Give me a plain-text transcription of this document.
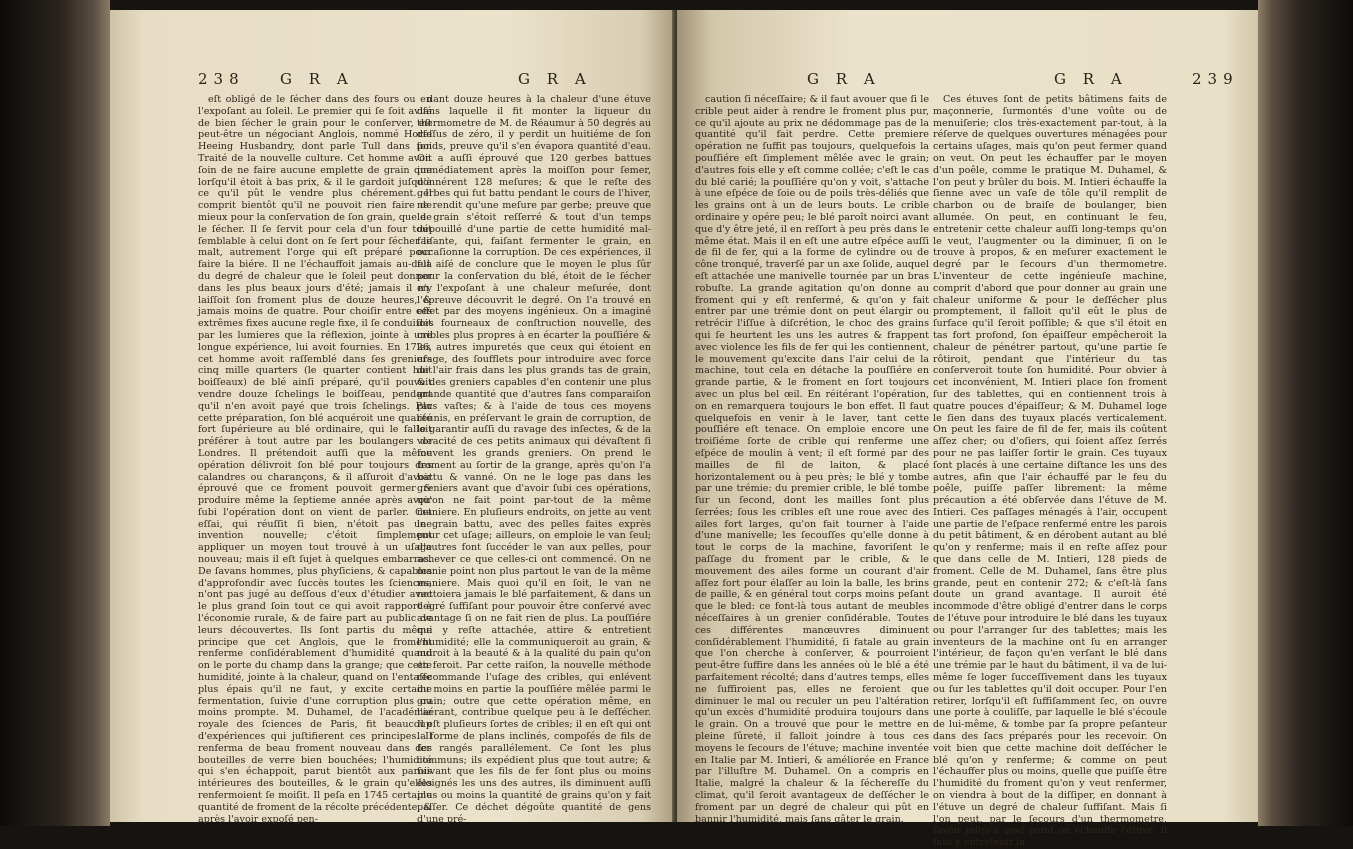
238 G R A	G R A

eſt obligé de le ſécher dans des fours ou en l'expoſant au ſoleil. Le premier qui ſe ſoit aviſé de bien ſécher le grain pour le conſerver, eſt peut-être un négociant Anglois, nommé Horſe Heeing Husbandry, dont parle Tull dans ſon Traité de la nouvelle culture. Cet homme avoit ſoin de ne faire aucune emplette de grain que lorſqu'il étoit à bas prix, & il le gardoit juſqu'à ce qu'il pût le vendre plus chérement. Il comprit bientôt qu'il ne pouvoit rien faire de mieux pour la conſervation de ſon grain, que de le ſécher. Il ſe ſervit pour cela d'un four tout ſemblable à celui dont on ſe ſert pour ſécher le malt, autrement l'orge qui eſt préparé pour faire la biére. Il ne l'échauffoit jamais au-delà du degré de chaleur que le ſoleil peut donner dans les plus beaux jours d'été; jamais il n'y laiſſoit ſon froment plus de douze heures, & jamais moins de quatre. Pour choiſir entre ces extrêmes fixes aucune regle fixe, il ſe conduiſoit par les lumieres que la réflexion, jointe à une longue expérience, lui avoit fournies. En 1726, cet homme avoit raſſemblé dans ſes greniers cinq mille quarters (le quarter contient huit boiſſeaux) de blé ainſi préparé, qu'il pouvoit vendre douze ſchelings le boiſſeau, pendant qu'il n'en avoit payé que trois ſchelings. Par cette préparation, ſon blé acquéroit une qualité fort ſupérieure au blé ordinaire, qui le falloit préférer à tout autre par les boulangers de Londres. Il prétendoit auſſi que la même opération délivroit ſon blé pour toujours des calandres ou charançons, & il aſſuroit d'avoir éprouvé que ce froment pouvoit germer & produire même la ſeptieme année après avoir ſubi l'opération dont on vient de parler. Cet eſſai, qui réuſſit ſi bien, n'étoit pas une invention nouvelle; c'étoit ſimplement appliquer un moyen tout trouvé à un uſage nouveau; mais il eſt ſujet à quelques embarras. De ſavans hommes, plus phyſiciens, & capables d'approfondir avec ſuccès toutes les ſciences, n'ont pas jugé au deſſous d'eux d'étudier avec le plus grand ſoin tout ce qui avoit rapport à l'économie rurale, & de faire part au public de leurs découvertes. Ils ſont partis du même principe que cet Anglois, que le froment renferme conſidérablement d'humidité quand on le porte du champ dans la grange; que cette humidité, jointe à la chaleur, quand on l'entaſſe plus épais qu'il ne faut, y excite certaine fermentation, ſuivie d'une corruption plus ou moins prompte. M. Duhamel, de l'académie royale des ſciences de Paris, fit beaucoup d'expériences qui juſtifierent ces principes. Il renferma de beau froment nouveau dans des bouteilles de verre bien bouchées; l'humidité qui s'en échappoit, parut bientôt aux parois intérieures des bouteilles, & le grain qu'elles renfermoient ſe moiſit. Il peſa en 1745 certaine quantité de froment de la récolte précédente, & après l'avoir expoſé pen-

dant douze heures à la chaleur d'une étuve dans laquelle il fit monter la liqueur du thermometre de M. de Réaumur à 50 degrés au deſſus de zéro, il y perdit un huitiéme de ſon poids, preuve qu'il s'en évapora quantité d'eau. On a auſſi éprouvé que 120 gerbes battues immédiatement après la moiſſon pour ſemer, donnérent 128 meſures; & que le reſte des gerbes qui fut battu pendant le cours de l'hiver, ne rendit qu'une meſure par gerbe; preuve que le grain s'étoit reſſerré & tout d'un temps dépouillé d'une partie de cette humidité mal-faiſante, qui, faiſant fermenter le grain, en occaſionne la corruption. De ces expériences, il fut aiſé de conclure que le moyen le plus ſûr pour la conſervation du blé, étoit de le ſécher en l'expoſant à une chaleur meſurée, dont l'épreuve découvrit le degré. On l'a trouvé en effet par des moyens ingénieux. On a imaginé des fourneaux de conſtruction nouvelle, des cribles plus propres à en écarter la pouſſiére & les autres impuretés que ceux qui étoient en uſage, des ſoufflets pour introduire avec force de l'air frais dans les plus grands tas de grain, & des greniers capables d'en contenir une plus grande quantité que d'autres ſans comparaiſon plus vaſtes; & à l'aide de tous ces moyens réunis, en préſervant le grain de corruption, de le garantir auſſi du ravage des inſectes, & de la voracité de ces petits animaux qui dévaſtent ſi ſouvent les grands greniers. On prend le froment au ſortir de la grange, après qu'on l'a battu & vanné. On ne le loge pas dans les greniers avant que d'avoir ſubi ces opérations, qu'on ne fait point par-tout de la même maniere. En pluſieurs endroits, on jette au vent le grain battu, avec des pelles faites exprès pour cet uſage; ailleurs, on emploie le van ſeul; d'autres font ſuccéder le van aux pelles, pour achever ce que celles-ci ont commencé. On ne manie point non plus partout le van de la même maniere. Mais quoi qu'il en ſoit, le van ne nettoiera jamais le blé parfaitement, & dans un degré ſuffiſant pour pouvoir être conſervé avec avantage ſi on ne fait rien de plus. La pouſſiére qui y reſte attachée, attire & entretient l'humidité; elle la communiqueroit au grain, & nuiroit à la beauté & à la qualité du pain qu'on en feroit. Par cette raiſon, la nouvelle méthode recommande l'uſage des cribles, qui enlévent du moins en partie la pouſſiére mêlée parmi le grain; outre que cette opération même, en l'aérant, contribue quelque peu à le deſſécher. Il eſt pluſieurs ſortes de cribles; il en eſt qui ont la forme de plans inclinés, compoſés de fils de fer rangés parallélement. Ce ſont les plus communs; ils expédient plus que tout autre; & ſuivant que les fils de fer ſont plus ou moins éloignés les uns des autres, ils diminuent auſſi plus ou moins la quantité de grains qu'on y fait paſſer. Ce déchet dégoûte quantité de gens d'une pré-

G R A	G R A	239

caution ſi néceſſaire; & il faut avouer que ſi le crible peut aider à rendre le froment plus pur, ce qu'il ajoute au prix ne dédommage pas de la quantité qu'il fait perdre. Cette premiere opération ne ſuffit pas toujours, quelquefois la pouſſiére eſt ſimplement mêlée avec le grain; d'autres fois elle y eſt comme collée; c'eſt le cas du blé carié; la pouſſiére qu'on y voit, s'attache à une eſpéce de ſoie ou de poils très-déliés que les grains ont à un de leurs bouts. Le crible ordinaire y opére peu; le blé paroît noirci avant que d'y être jeté, il en reſſort à peu près dans le même état. Mais il en eſt une autre eſpéce auſſi de fil de fer, qui a la forme de cylindre ou de cône tronqué, traverſé par un axe ſolide, auquel eſt attachée une manivelle tournée par un bras robuſte. La grande agitation qu'on donne au froment qui y eſt renfermé, & qu'on y fait entrer par une trémie dont on peut élargir ou retrécir l'iſſue à diſcrétion, le choc des grains qui ſe heurtent les uns les autres & frappent avec violence les fils de fer qui les contiennent, le mouvement qu'excite dans l'air celui de la machine, tout cela en détache la pouſſiére en grande partie, & le froment en ſort toujours avec un plus bel œil. En réitérant l'opération, on en remarquera toujours le bon effet. Il faut quelquefois en venir à le laver, tant cette pouſſiére eſt tenace. On emploie encore une troiſiéme ſorte de crible qui renferme une eſpéce de moulin à vent; il eſt formé par des mailles de fil de laiton, & placé horizontalement ou à peu près; le blé y tombe par une trémie: du premier crible, le blé tombe ſur un ſecond, dont les mailles ſont plus ſerrées; ſous les cribles eſt une roue avec des ailes fort larges, qu'on fait tourner à l'aide d'une manivelle; les ſecouſſes qu'elle donne à tout le corps de la machine, favoriſent le paſſage du froment par le crible, & le mouvement des ailes forme un courant d'air aſſez fort pour élaſſer au loin la balle, les brins de paille, & en général tout corps moins peſant que le bled: ce font-là tous autant de meubles néceſſaires à un grenier conſidérable. Toutes ces différentes manœuvres diminuent conſidérablement l'humidité, ſi fatale au grain que l'on cherche à conſerver, & pourroient peut-être ſuffire dans les années où le blé a été parfaitement récolté; dans d'autres temps, elles ne ſuffiroient pas, elles ne feroient que diminuer le mal ou reculer un peu l'altération qu'un excès d'humidité produira toujours dans le grain. On a trouvé que pour le mettre en pleine ſûreté, il falloit joindre à tous ces moyens le ſecours de l'étuve; machine inventée en Italie par M. Intieri, & améliorée en France par l'illuſtre M. Duhamel. On a compris en Italie, malgré la chaleur & la ſéchereſſe du climat, qu'il ſeroit avantageux de deſſécher le froment par un degré de chaleur qui pût en bannir l'humidité, mais ſans gâter le grain.

Ces étuves ſont de petits bâtimens faits de maçonnerie, ſurmontés d'une voûte ou de menuiſerie; clos très-exactement par-tout, à la réſerve de quelques ouvertures ménagées pour certains uſages, mais qu'on peut fermer quand on veut. On peut les échauffer par le moyen d'un poêle, comme le pratique M. Duhamel, & l'on peut y brûler du bois. M. Intieri échauffe la ſienne avec un vaſe de tôle qu'il remplit de charbon ou de braiſe de boulanger, bien allumée. On peut, en continuant le feu, entretenir cette chaleur auſſi long-temps qu'on le veut, l'augmenter ou la diminuer, ſi on le trouve à propos, & en meſurer exactement le degré par le ſecours d'un thermometre. L'inventeur de cette ingénieuſe machine, comprit d'abord que pour donner au grain une chaleur uniforme & pour le deſſécher plus promptement, il falloit qu'il eût le plus de ſurface qu'il ſeroit poſſible; & que s'il étoit en tas fort profond, ſon épaiſſeur empêcheroit la chaleur de pénétrer partout, qu'une partie ſe rôtiroit, pendant que l'intérieur du tas conſerveroit toute ſon humidité. Pour obvier à cet inconvénient, M. Intieri place ſon froment ſur des tablettes, qui en contiennent trois à quatre pouces d'épaiſſeur; & M. Duhamel loge le ſien dans des tuyaux placés verticalement. On peut les faire de fil de fer, mais ils coûtent aſſez cher; ou d'oſiers, qui ſoient aſſez ſerrés pour ne pas laiſſer ſortir le grain. Ces tuyaux ſont placés à une certaine diſtance les uns des autres, afin que l'air échauffé par le feu du poêle, puiſſe paſſer librement: la même précaution a été obſervée dans l'étuve de M. Intieri. Ces paſſages ménagés à l'air, occupent une partie de l'eſpace renfermé entre les parois du petit bâtiment, & en dérobent autant au blé qu'on y renferme; mais il en reſte aſſez pour que dans celle de M. Intieri, 128 pieds de froment. Celle de M. Duhamel, ſans être plus grande, peut en contenir 272; & c'eſt-là ſans doute un grand avantage. Il auroit été incommode d'être obligé d'entrer dans le corps de l'étuve pour introduire le blé dans les tuyaux ou pour l'arranger ſur des tablettes; mais les inventeurs de la machine ont ſu en arranger l'intérieur, de façon qu'en verſant le blé dans une trémie par le haut du bâtiment, il va de lui-même ſe loger ſucceſſivement dans les tuyaux ou ſur les tablettes qu'il doit occuper. Pour l'en retirer, lorſqu'il eſt ſuffiſamment ſec, on ouvre une porte à couliſſe, par laquelle le blé s'écoule de lui-même, & tombe par ſa propre peſanteur dans des ſacs préparés pour les recevoir. On voit bien que cette machine doit deſſécher le blé qu'on y renferme; & comme on peut l'échauffer plus ou moins, quelle que puiſſe être l'humidité du froment qu'on y veut renfermer, on viendra à bout de la diſſiper, en donnant à l'étuve un degré de chaleur ſuffiſant. Mais ſi l'on peut, par le ſecours d'un thermometre, ſavoir juſqu'à quel point on échauffe l'étuve, il faut y entretenir la
